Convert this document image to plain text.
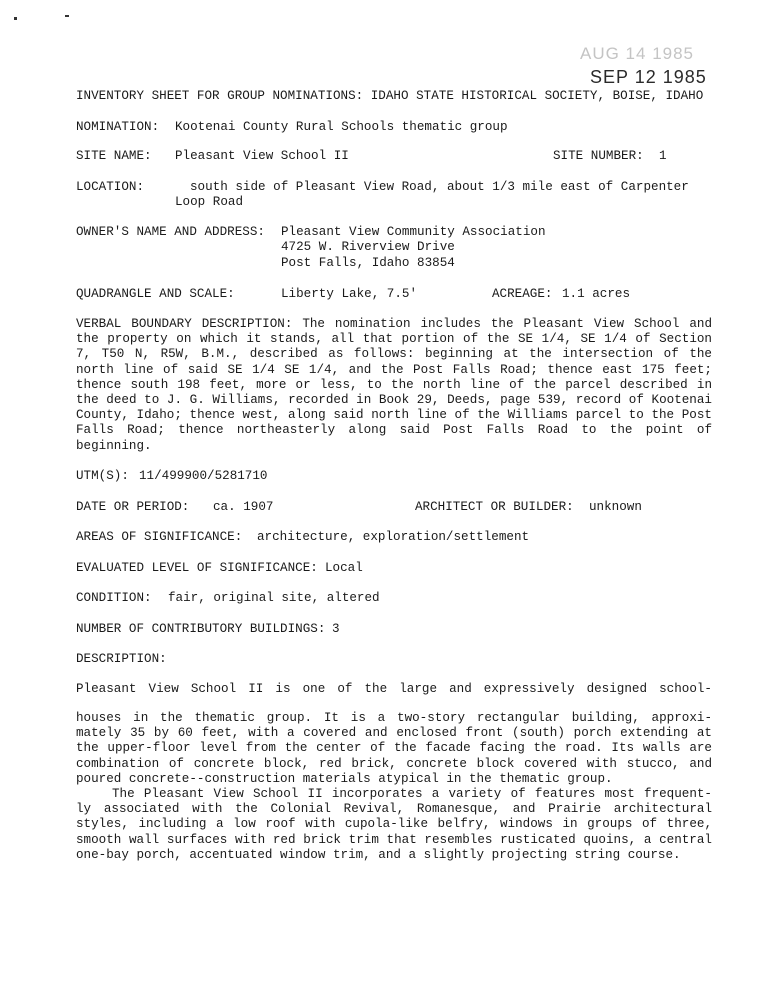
AUG 14 1985
SEP 12 1985
INVENTORY SHEET FOR GROUP NOMINATIONS: IDAHO STATE HISTORICAL SOCIETY, BOISE, IDAHO
NOMINATION: Kootenai County Rural Schools thematic group
SITE NAME: Pleasant View School II	SITE NUMBER: 1
LOCATION:	south side of Pleasant View Road, about 1/3 mile east of Carpenter
Loop Road
OWNER'S NAME AND ADDRESS: Pleasant View Community Association
4725 W. Riverview Drive
Post Falls, Idaho 83854
QUADRANGLE AND SCALE:	Liberty Lake, 7.5'	ACREAGE: 1.1 acres
VERBAL BOUNDARY DESCRIPTION: The nomination includes the Pleasant View School and
the property on which it stands, all that portion of the SE 1/4, SE 1/4 of Section
7, T50 N, R5W, B.M., described as follows: beginning at the intersection of the
north line of said SE 1/4 SE 1/4, and the Post Falls Road; thence east 175 feet;
thence south 198 feet, more or less, to the north line of the parcel described in
the deed to J. G. Williams, recorded in Book 29, Deeds, page 539, record of Kootenai
County, Idaho; thence west, along said north line of the Williams parcel to the Post
Falls Road; thence northeasterly along said Post Falls Road to the point of
beginning.
UTM(S): 11/499900/5281710
DATE OR PERIOD: ca. 1907	ARCHITECT OR BUILDER: unknown
AREAS OF SIGNIFICANCE: architecture, exploration/settlement
EVALUATED LEVEL OF SIGNIFICANCE: Local
CONDITION: fair, original site, altered
NUMBER OF CONTRIBUTORY BUILDINGS: 3
DESCRIPTION:
Pleasant View School II is one of the large and expressively designed school-
houses in the thematic group. It is a two-story rectangular building, approxi-
mately 35 by 60 feet, with a covered and enclosed front (south) porch extending at
the upper-floor level from the center of the facade facing the road. Its walls are
combination of concrete block, red brick, concrete block covered with stucco, and
poured concrete--construction materials atypical in the thematic group.
The Pleasant View School II incorporates a variety of features most frequent-
ly associated with the Colonial Revival, Romanesque, and Prairie architectural
styles, including a low roof with cupola-like belfry, windows in groups of three,
smooth wall surfaces with red brick trim that resembles rusticated quoins, a central
one-bay porch, accentuated window trim, and a slightly projecting string course.
